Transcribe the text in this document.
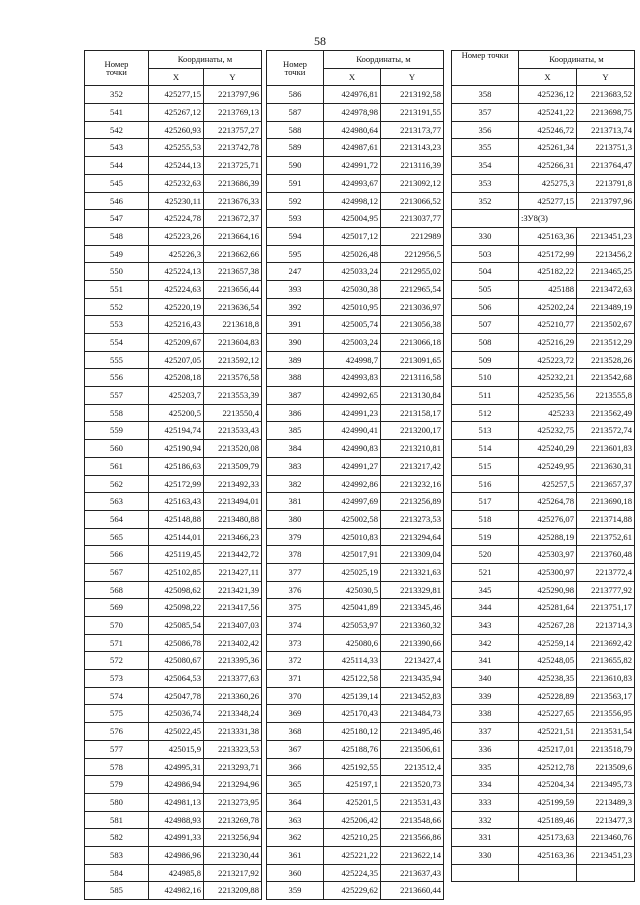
58
Номер
точки	Координаты, м	
	X	Y
352	425277,15	2213797,96
541	425267,12	2213769,13
542	425260,93	2213757,27
543	425255,53	2213742,78
544	425244,13	2213725,71
545	425232,63	2213686,39
546	425230,11	2213676,33
547	425224,78	2213672,37
548	425223,26	2213664,16
549	425226,3	2213662,66
550	425224,13	2213657,38
551	425224,63	2213656,44
552	425220,19	2213636,54
553	425216,43	2213618,8
554	425209,67	2213604,83
555	425207,05	2213592,12
556	425208,18	2213576,58
557	425203,7	2213553,39
558	425200,5	2213550,4
559	425194,74	2213533,43
560	425190,94	2213520,08
561	425186,63	2213509,79
562	425172,99	2213492,33
563	425163,43	2213494,01
564	425148,88	2213480,88
565	425144,01	2213466,23
566	425119,45	2213442,72
567	425102,85	2213427,11
568	425098,62	2213421,39
569	425098,22	2213417,56
570	425085,54	2213407,03
571	425086,78	2213402,42
572	425080,67	2213395,36
573	425064,53	2213377,63
574	425047,78	2213360,26
575	425036,74	2213348,24
576	425022,45	2213331,38
577	425015,9	2213323,53
578	424995,31	2213293,71
579	424986,94	2213294,96
580	424981,13	2213273,95
581	424988,93	2213269,78
582	424991,33	2213256,94
583	424986,96	2213230,44
584	424985,8	2213217,92
585	424982,16	2213209,88
Номер
точки	Координаты, м	
	X	Y
586	424976,81	2213192,58
587	424978,98	2213191,55
588	424980,64	2213173,77
589	424987,61	2213143,23
590	424991,72	2213116,39
591	424993,67	2213092,12
592	424998,12	2213066,52
593	425004,95	2213037,77
594	425017,12	2212989
595	425026,48	2212956,5
247	425033,24	2212955,02
393	425030,38	2212965,54
392	425010,95	2213036,97
391	425005,74	2213056,38
390	425003,24	2213066,18
389	424998,7	2213091,65
388	424993,83	2213116,58
387	424992,65	2213130,84
386	424991,23	2213158,17
385	424990,41	2213200,17
384	424990,83	2213210,81
383	424991,27	2213217,42
382	424992,86	2213232,16
381	424997,69	2213256,89
380	425002,58	2213273,53
379	425010,83	2213294,64
378	425017,91	2213309,04
377	425025,19	2213321,63
376	425030,5	2213329,81
375	425041,89	2213345,46
374	425053,97	2213360,32
373	425080,6	2213390,66
372	425114,33	2213427,4
371	425122,58	2213435,94
370	425139,14	2213452,83
369	425170,43	2213484,73
368	425180,12	2213495,46
367	425188,76	2213506,61
366	425192,55	2213512,4
365	425197,1	2213520,73
364	425201,5	2213531,43
363	425206,42	2213548,66
362	425210,25	2213566,86
361	425221,22	2213622,14
360	425224,35	2213637,43
359	425229,62	2213660,44
Номер точки	Координаты, м	
	X	Y
358	425236,12	2213683,52
357	425241,22	2213698,75
356	425246,72	2213713,74
355	425261,34	2213751,3
354	425266,31	2213764,47
353	425275,3	2213791,8
352	425277,15	2213797,96
	:ЗУ8(3)	
330	425163,36	2213451,23
503	425172,99	2213456,2
504	425182,22	2213465,25
505	425188	2213472,63
506	425202,24	2213489,19
507	425210,77	2213502,67
508	425216,29	2213512,29
509	425223,72	2213528,26
510	425232,21	2213542,68
511	425235,56	2213555,8
512	425233	2213562,49
513	425232,75	2213572,74
514	425240,29	2213601,83
515	425249,95	2213630,31
516	425257,5	2213657,37
517	425264,78	2213690,18
518	425276,07	2213714,88
519	425288,19	2213752,61
520	425303,97	2213760,48
521	425300,97	2213772,4
345	425290,98	2213777,92
344	425281,64	2213751,17
343	425267,28	2213714,3
342	425259,14	2213692,42
341	425248,05	2213655,82
340	425238,35	2213610,83
339	425228,89	2213563,17
338	425227,65	2213556,95
337	425221,51	2213531,54
336	425217,01	2213518,79
335	425212,78	2213509,6
334	425204,34	2213495,73
333	425199,59	2213489,3
332	425189,46	2213477,3
331	425173,63	2213460,76
330	425163,36	2213451,23
